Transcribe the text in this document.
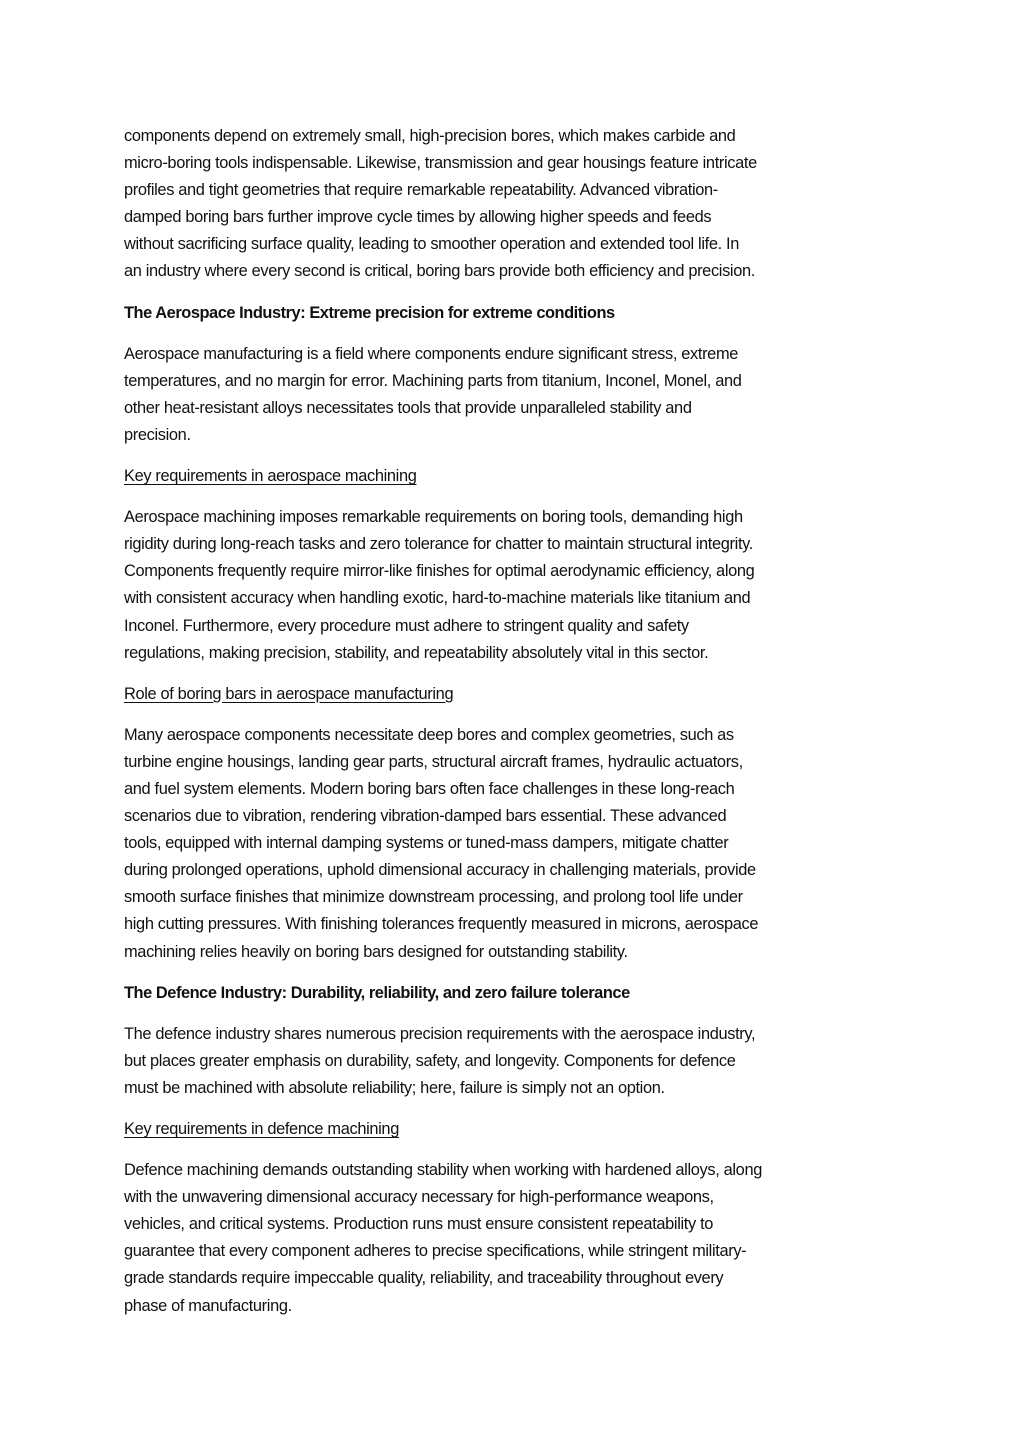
components depend on extremely small, high-precision bores, which makes carbide and
micro-boring tools indispensable. Likewise, transmission and gear housings feature intricate
profiles and tight geometries that require remarkable repeatability. Advanced vibration-
damped boring bars further improve cycle times by allowing higher speeds and feeds
without sacrificing surface quality, leading to smoother operation and extended tool life. In
an industry where every second is critical, boring bars provide both efficiency and precision.
The Aerospace Industry: Extreme precision for extreme conditions
Aerospace manufacturing is a field where components endure significant stress, extreme
temperatures, and no margin for error. Machining parts from titanium, Inconel, Monel, and
other heat-resistant alloys necessitates tools that provide unparalleled stability and
precision.
Key requirements in aerospace machining
Aerospace machining imposes remarkable requirements on boring tools, demanding high
rigidity during long-reach tasks and zero tolerance for chatter to maintain structural integrity.
Components frequently require mirror-like finishes for optimal aerodynamic efficiency, along
with consistent accuracy when handling exotic, hard-to-machine materials like titanium and
Inconel. Furthermore, every procedure must adhere to stringent quality and safety
regulations, making precision, stability, and repeatability absolutely vital in this sector.
Role of boring bars in aerospace manufacturing
Many aerospace components necessitate deep bores and complex geometries, such as
turbine engine housings, landing gear parts, structural aircraft frames, hydraulic actuators,
and fuel system elements. Modern boring bars often face challenges in these long-reach
scenarios due to vibration, rendering vibration-damped bars essential. These advanced
tools, equipped with internal damping systems or tuned-mass dampers, mitigate chatter
during prolonged operations, uphold dimensional accuracy in challenging materials, provide
smooth surface finishes that minimize downstream processing, and prolong tool life under
high cutting pressures. With finishing tolerances frequently measured in microns, aerospace
machining relies heavily on boring bars designed for outstanding stability.
The Defence Industry: Durability, reliability, and zero failure tolerance
The defence industry shares numerous precision requirements with the aerospace industry,
but places greater emphasis on durability, safety, and longevity. Components for defence
must be machined with absolute reliability; here, failure is simply not an option.
Key requirements in defence machining
Defence machining demands outstanding stability when working with hardened alloys, along
with the unwavering dimensional accuracy necessary for high-performance weapons,
vehicles, and critical systems. Production runs must ensure consistent repeatability to
guarantee that every component adheres to precise specifications, while stringent military-
grade standards require impeccable quality, reliability, and traceability throughout every
phase of manufacturing.
